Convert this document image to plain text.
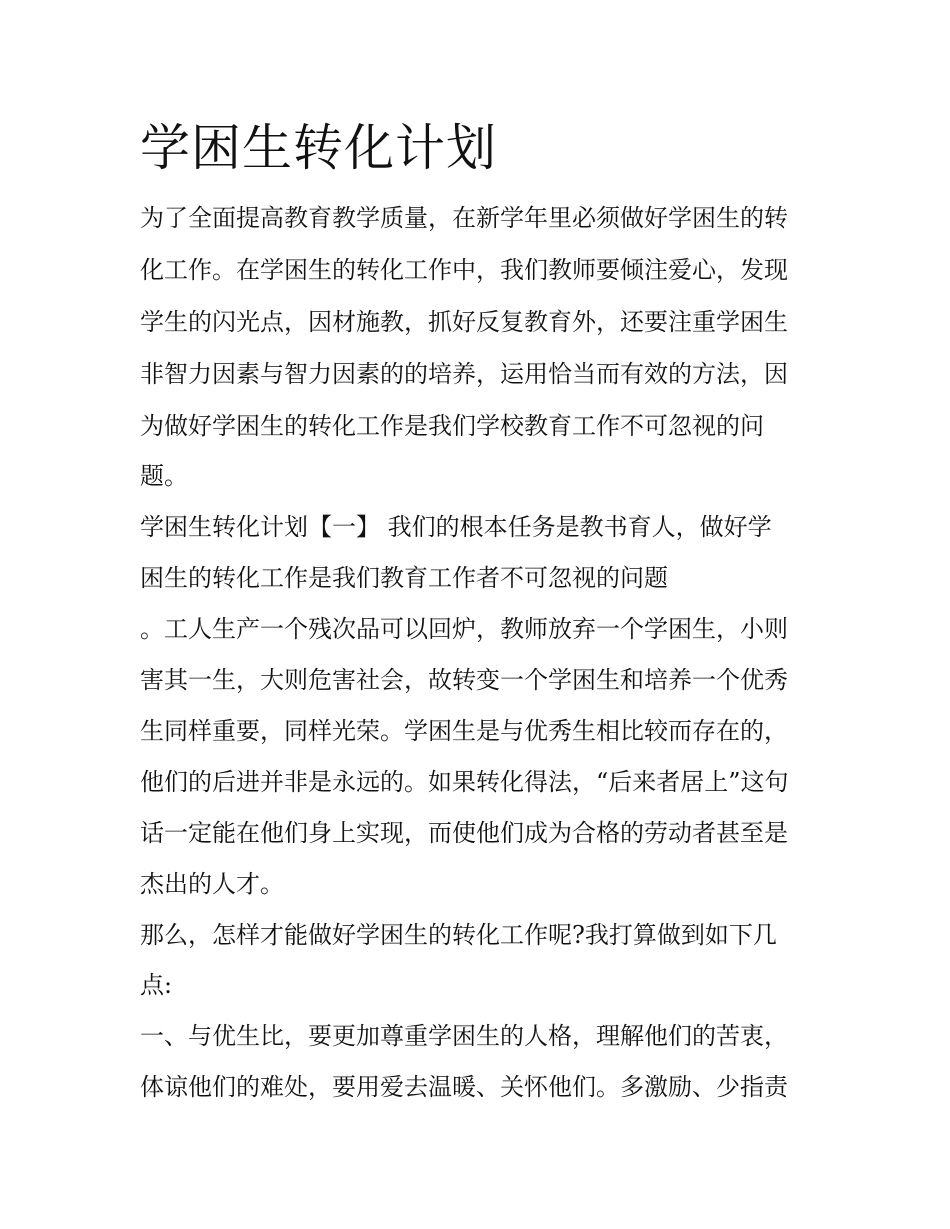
学困生转化计划

为了全面提高教育教学质量，在新学年里必须做好学困生的转

化工作。在学困生的转化工作中，我们教师要倾注爱心，发现

学生的闪光点，因材施教，抓好反复教育外，还要注重学困生

非智力因素与智力因素的的培养，运用恰当而有效的方法，因

为做好学困生的转化工作是我们学校教育工作不可忽视的问

题。

学困生转化计划【一】 我们的根本任务是教书育人，做好学

困生的转化工作是我们教育工作者不可忽视的问题

。工人生产一个残次品可以回炉，教师放弃一个学困生，小则

害其一生，大则危害社会，故转变一个学困生和培养一个优秀

生同样重要，同样光荣。学困生是与优秀生相比较而存在的，

他们的后进并非是永远的。如果转化得法，“后来者居上”这句

话一定能在他们身上实现，而使他们成为合格的劳动者甚至是

杰出的人才。

那么，怎样才能做好学困生的转化工作呢?我打算做到如下几

点:

一、与优生比，要更加尊重学困生的人格，理解他们的苦衷，

体谅他们的难处，要用爱去温暖、关怀他们。多激励、少指责
